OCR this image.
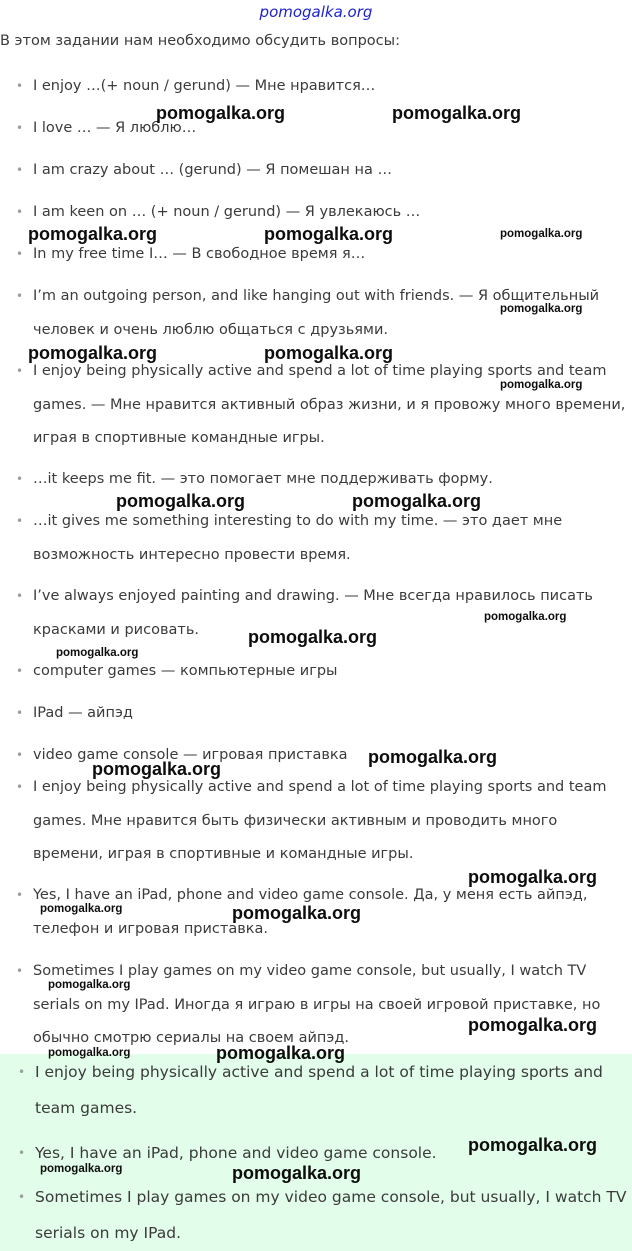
pomogalka.org
В этом задании нам необходимо обсудить вопросы:
• I enjoy …(+ noun / gerund) — Мне нравится…
• I love … — Я люблю…
• I am crazy about … (gerund) — Я помешан на …
• I am keen on … (+ noun / gerund) — Я увлекаюсь …
• In my free time I… — В свободное время я…
• I’m an outgoing person, and like hanging out with friends. — Я общительный человек и очень люблю общаться с друзьями.
• I enjoy being physically active and spend a lot of time playing sports and team games. — Мне нравится активный образ жизни, и я провожу много времени, играя в спортивные командные игры.
• …it keeps me fit. — это помогает мне поддерживать форму.
• …it gives me something interesting to do with my time. — это дает мне возможность интересно провести время.
• I’ve always enjoyed painting and drawing. — Мне всегда нравилось писать красками и рисовать.
• computer games — компьютерные игры
• IPad — айпэд
• video game console — игровая приставка
• I enjoy being physically active and spend a lot of time playing sports and team games. Мне нравится быть физически активным и проводить много времени, играя в спортивные и командные игры.
• Yes, I have an iPad, phone and video game console. Да, у меня есть айпэд, телефон и игровая приставка.
• Sometimes I play games on my video game console, but usually, I watch TV serials on my IPad. Иногда я играю в игры на своей игровой приставке, но обычно смотрю сериалы на своем айпэд.
• I enjoy being physically active and spend a lot of time playing sports and team games.
• Yes, I have an iPad, phone and video game console.
• Sometimes I play games on my video game console, but usually, I watch TV serials on my IPad.
pomogalka.org	pomogalka.org
pomogalka.org	pomogalka.org	pomogalka.org
pomogalka.org
pomogalka.org	pomogalka.org
pomogalka.org
pomogalka.org	pomogalka.org
pomogalka.org
pomogalka.org
pomogalka.org
pomogalka.org
pomogalka.org
pomogalka.org
pomogalka.org	pomogalka.org
pomogalka.org
pomogalka.org
pomogalka.org	pomogalka.org
pomogalka.org
pomogalka.org	pomogalka.org
